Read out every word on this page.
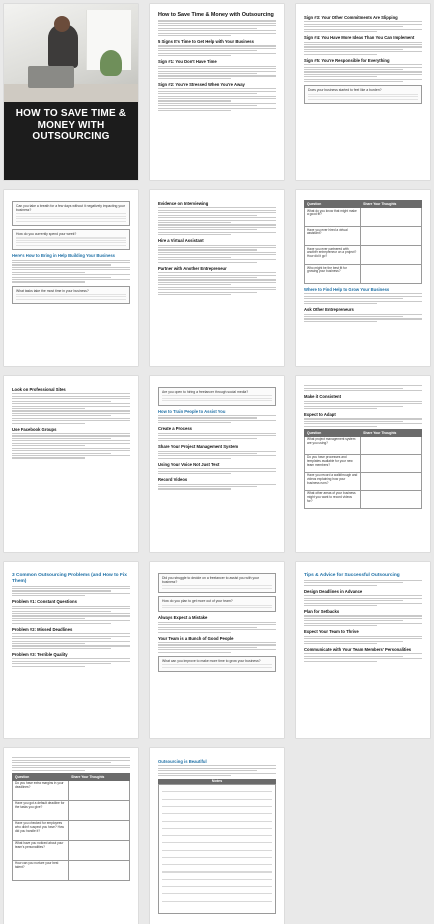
HOW TO SAVE TIME & MONEY WITH OUTSOURCING
How to Save Time & Money with Outsourcing
5 Signs It's Time to Get Help with Your Business
Sign #1: You Don't Have Time
Sign #2: You're Stressed When You're Away
Sign #3: Your Other Commitments Are Slipping
Sign #4: You Have More Ideas Than You Can Implement
Sign #5: You're Responsible for Everything
Does your business started to feel like a burden?
Can you take a breath for a few days without it negatively impacting your business?
How do you currently spend your week?
Here's How to Bring in Help Building Your Business
What tasks take the most time in your business?
Evidence on Interviewing
Hire a Virtual Assistant
Partner with Another Entrepreneur
Question	Share Your Thoughts
What do you know that might make a good fit?	
Have you ever hired a virtual assistant?	
Have you ever partnered with another entrepreneur on a project? How did it go?	
Who might be the best fit for growing your business?	
Where to Find Help to Grow Your Business
Ask Other Entrepreneurs
Look on Professional Sites
Use Facebook Groups
Are you open to hiring a freelancer through social media?
How to Train People to Assist You
Create a Process
Share Your Project Management System
Using Your Voice Not Just Text
Record Videos
Make it Consistent
Expect to Adapt
Question	Share Your Thoughts
What project management system are you using?	
Do you have processes and templates available for your new team members?	
Have you record a walkthrough and videos explaining how your business runs?	
What other areas of your business might you want to record videos for?	
3 Common Outsourcing Problems (and How to Fix Them)
Problem #1: Constant Questions
Problem #2: Missed Deadlines
Problem #3: Terrible Quality
Did you struggle to decide on a freelancer to assist you with your business?
How do you plan to get more out of your team?
Always Expect a Mistake
Your Team is a Bunch of Good People
What can you improve to make more time to grow your business?
Tips & Advice for Successful Outsourcing
Design Deadlines in Advance
Plan for Setbacks
Expect Your Team to Thrive
Communicate with Your Team Members' Personalities
Question	Share Your Thoughts
Do you have extra margins in your deadlines?	
Have you got a default deadline for the tasks you give?	
Have you checked for employees who didn't suspect you have? How did you handle it?	
What have you noticed about your team's personalities?	
How can you nurture your best talent?	
Outsourcing is Beautiful
Notes
